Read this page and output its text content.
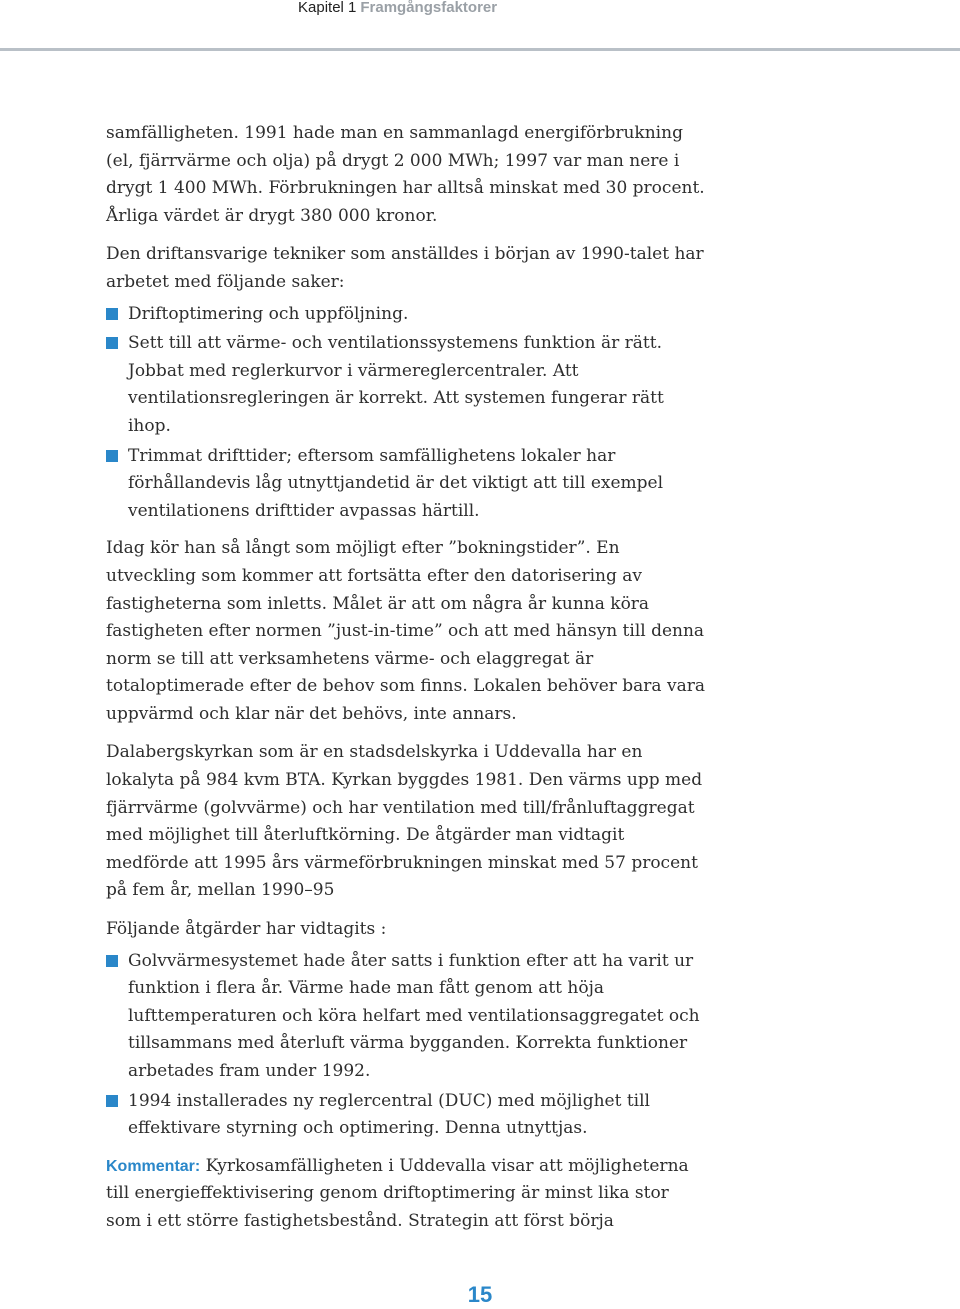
Kapitel 1 Framgångsfaktorer

samfälligheten. 1991 hade man en sammanlagd energiförbrukning (el, fjärrvärme och olja) på drygt 2 000 MWh; 1997 var man nere i drygt 1 400 MWh. Förbrukningen har alltså minskat med 30 procent. Årliga värdet är drygt 380 000 kronor.

Den driftansvarige tekniker som anställdes i början av 1990-talet har arbetet med följande saker:

Driftoptimering och uppföljning.
Sett till att värme- och ventilationssystemens funktion är rätt. Jobbat med reglerkurvor i värmereglercentraler. Att ventilationsregleringen är korrekt. Att systemen fungerar rätt ihop.
Trimmat drifttider; eftersom samfällighetens lokaler har förhållandevis låg utnyttjandetid är det viktigt att till exempel ventilationens drifttider avpassas härtill.

Idag kör han så långt som möjligt efter ”bokningstider”. En utveckling som kommer att fortsätta efter den datorisering av fastigheterna som inletts. Målet är att om några år kunna köra fastigheten efter normen ”just-in-time” och att med hänsyn till denna norm se till att verksamhetens värme- och elaggregat är totaloptimerade efter de behov som finns. Lokalen behöver bara vara uppvärmd och klar när det behövs, inte annars.

Dalabergskyrkan som är en stadsdelskyrka i Uddevalla har en lokalyta på 984 kvm BTA. Kyrkan byggdes 1981. Den värms upp med fjärrvärme (golvvärme) och har ventilation med till/frånluftaggregat med möjlighet till återluftkörning. De åtgärder man vidtagit medförde att 1995 års värmeförbrukningen minskat med 57 procent på fem år, mellan 1990–95

Följande åtgärder har vidtagits :

Golvvärmesystemet hade åter satts i funktion efter att ha varit ur funktion i flera år. Värme hade man fått genom att höja lufttemperaturen och köra helfart med ventilationsaggregatet och tillsammans med återluft värma bygganden. Korrekta funktioner arbetades fram under 1992.
1994 installerades ny reglercentral (DUC) med möjlighet till effektivare styrning och optimering. Denna utnyttjas.

Kommentar: Kyrkosamfälligheten i Uddevalla visar att möjligheterna till energieffektivisering genom driftoptimering är minst lika stor som i ett större fastighetsbestånd. Strategin att först börja

15
